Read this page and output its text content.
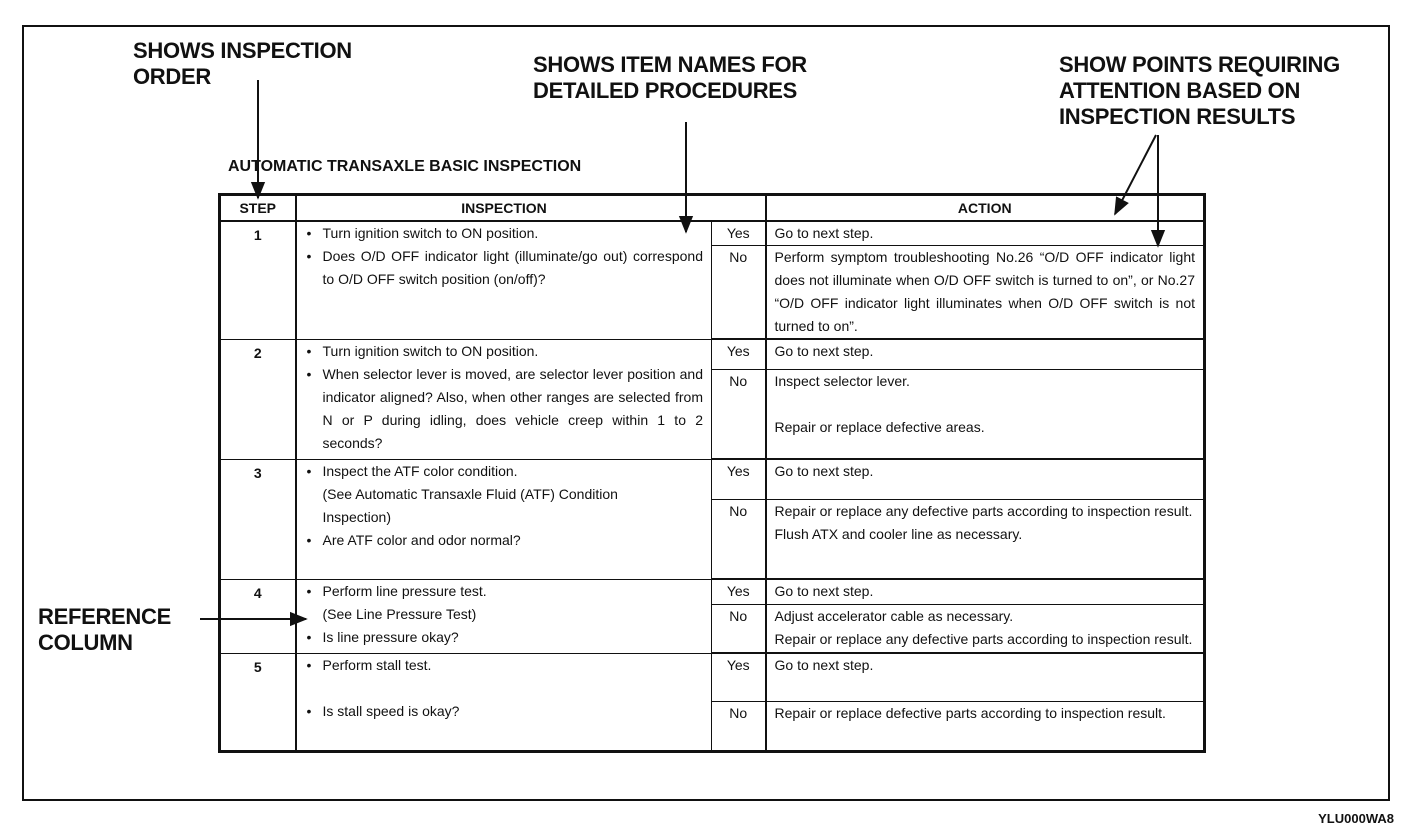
SHOWS INSPECTION
ORDER	SHOWS ITEM NAMES FOR
DETAILED PROCEDURES
SHOW POINTS REQUIRING
ATTENTION BASED ON
INSPECTION RESULTS
REFERENCE
COLUMN
AUTOMATIC TRANSAXLE BASIC INSPECTION
STEP	INSPECTION		ACTION
1	• Turn ignition switch to ON position.
• Does O/D OFF indicator light (illuminate/go out) correspond to O/D OFF switch position (on/off)?	Yes	Go to next step.
		No	Perform symptom troubleshooting No.26 “O/D OFF indicator light does not illuminate when O/D OFF switch is turned to on”, or No.27 “O/D OFF indicator light illuminates when O/D OFF switch is not turned to on”.

2	• Turn ignition switch to ON position.
• When selector lever is moved, are selector lever position and indicator aligned? Also, when other ranges are selected from N or P during idling, does vehicle creep within 1 to 2 seconds?	Yes	Go to next step.
		No	Inspect selector lever.
Repair or replace defective areas.

3	• Inspect the ATF color condition.
(See Automatic Transaxle Fluid (ATF) Condition Inspection)
• Are ATF color and odor normal?	Yes	Go to next step.
		No	Repair or replace any defective parts according to inspection result.
Flush ATX and cooler line as necessary.

4	• Perform line pressure test.
(See Line Pressure Test)
• Is line pressure okay?	Yes	Go to next step.
		No	Adjust accelerator cable as necessary.
Repair or replace any defective parts according to inspection result.

5	• Perform stall test.
• Is stall speed is okay?	Yes	Go to next step.
		No	Repair or replace defective parts according to inspection result.
YLU000WA8
